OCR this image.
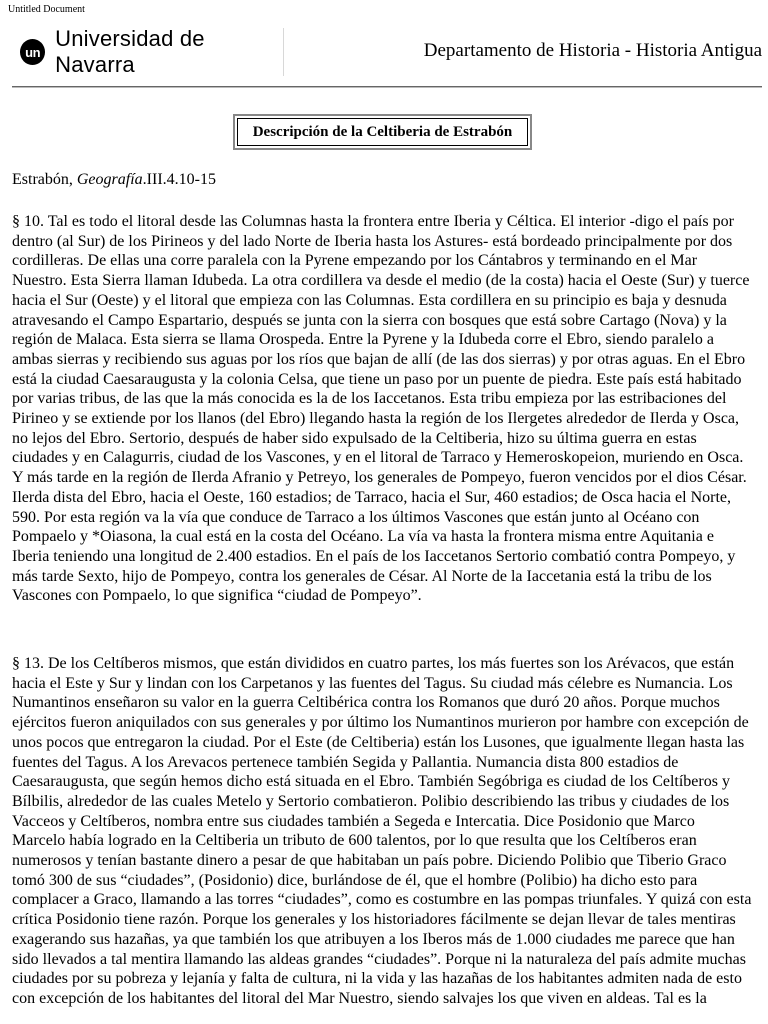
Untitled Document
un
Universidad de Navarra
Departamento de Historia - Historia Antigua
Descripción de la Celtiberia de Estrabón
Estrabón, Geografía.III.4.10-15

§ 10. Tal es todo el litoral desde las Columnas hasta la frontera entre Iberia y Céltica. El interior -digo el país por dentro (al Sur) de los Pirineos y del lado Norte de Iberia hasta los Astures- está bordeado principalmente por dos cordilleras. De ellas una corre paralela con la Pyrene empezando por los Cántabros y terminando en el Mar Nuestro. Esta Sierra llaman Idubeda. La otra cordillera va desde el medio (de la costa) hacia el Oeste (Sur) y tuerce hacia el Sur (Oeste) y el litoral que empieza con las Columnas. Esta cordillera en su principio es baja y desnuda atravesando el Campo Espartario, después se junta con la sierra con bosques que está sobre Cartago (Nova) y la región de Malaca. Esta sierra se llama Orospeda. Entre la Pyrene y la Idubeda corre el Ebro, siendo paralelo a ambas sierras y recibiendo sus aguas por los ríos que bajan de allí (de las dos sierras) y por otras aguas. En el Ebro está la ciudad Caesaraugusta y la colonia Celsa, que tiene un paso por un puente de piedra. Este país está habitado por varias tribus, de las que la más conocida es la de los Iaccetanos. Esta tribu empieza por las estribaciones del Pirineo y se extiende por los llanos (del Ebro) llegando hasta la región de los Ilergetes alrededor de Ilerda y Osca, no lejos del Ebro. Sertorio, después de haber sido expulsado de la Celtiberia, hizo su última guerra en estas ciudades y en Calagurris, ciudad de los Vascones, y en el litoral de Tarraco y Hemeroskopeion, muriendo en Osca. Y más tarde en la región de Ilerda Afranio y Petreyo, los generales de Pompeyo, fueron vencidos por el dios César. Ilerda dista del Ebro, hacia el Oeste, 160 estadios; de Tarraco, hacia el Sur, 460 estadios; de Osca hacia el Norte, 590. Por esta región va la vía que conduce de Tarraco a los últimos Vascones que están junto al Océano con Pompaelo y *Oiasona, la cual está en la costa del Océano. La vía va hasta la frontera misma entre Aquitania e Iberia teniendo una longitud de 2.400 estadios. En el país de los Iaccetanos Sertorio combatió contra Pompeyo, y más tarde Sexto, hijo de Pompeyo, contra los generales de César. Al Norte de la Iaccetania está la tribu de los Vascones con Pompaelo, lo que significa “ciudad de Pompeyo”.

§ 13. De los Celtíberos mismos, que están divididos en cuatro partes, los más fuertes son los Arévacos, que están hacia el Este y Sur y lindan con los Carpetanos y las fuentes del Tagus. Su ciudad más célebre es Numancia. Los Numantinos enseñaron su valor en la guerra Celtibérica contra los Romanos que duró 20 años. Porque muchos ejércitos fueron aniquilados con sus generales y por último los Numantinos murieron por hambre con excepción de unos pocos que entregaron la ciudad. Por el Este (de Celtiberia) están los Lusones, que igualmente llegan hasta las fuentes del Tagus. A los Arevacos pertenece también Segida y Pallantia. Numancia dista 800 estadios de Caesaraugusta, que según hemos dicho está situada en el Ebro. También Segóbriga es ciudad de los Celtíberos y Bílbilis, alrededor de las cuales Metelo y Sertorio combatieron. Polibio describiendo las tribus y ciudades de los Vacceos y Celtíberos, nombra entre sus ciudades también a Segeda e Intercatia. Dice Posidonio que Marco Marcelo había logrado en la Celtiberia un tributo de 600 talentos, por lo que resulta que los Celtíberos eran numerosos y tenían bastante dinero a pesar de que habitaban un país pobre. Diciendo Polibio que Tiberio Graco tomó 300 de sus “ciudades”, (Posidonio) dice, burlándose de él, que el hombre (Polibio) ha dicho esto para complacer a Graco, llamando a las torres “ciudades”, como es costumbre en las pompas triunfales. Y quizá con esta crítica Posidonio tiene razón. Porque los generales y los historiadores fácilmente se dejan llevar de tales mentiras exagerando sus hazañas, ya que también los que atribuyen a los Iberos más de 1.000 ciudades me parece que han sido llevados a tal mentira llamando las aldeas grandes “ciudades”. Porque ni la naturaleza del país admite muchas ciudades por su pobreza y lejanía y falta de cultura, ni la vida y las hazañas de los habitantes admiten nada de esto con excepción de los habitantes del litoral del Mar Nuestro, siendo salvajes los que viven en aldeas. Tal es la
